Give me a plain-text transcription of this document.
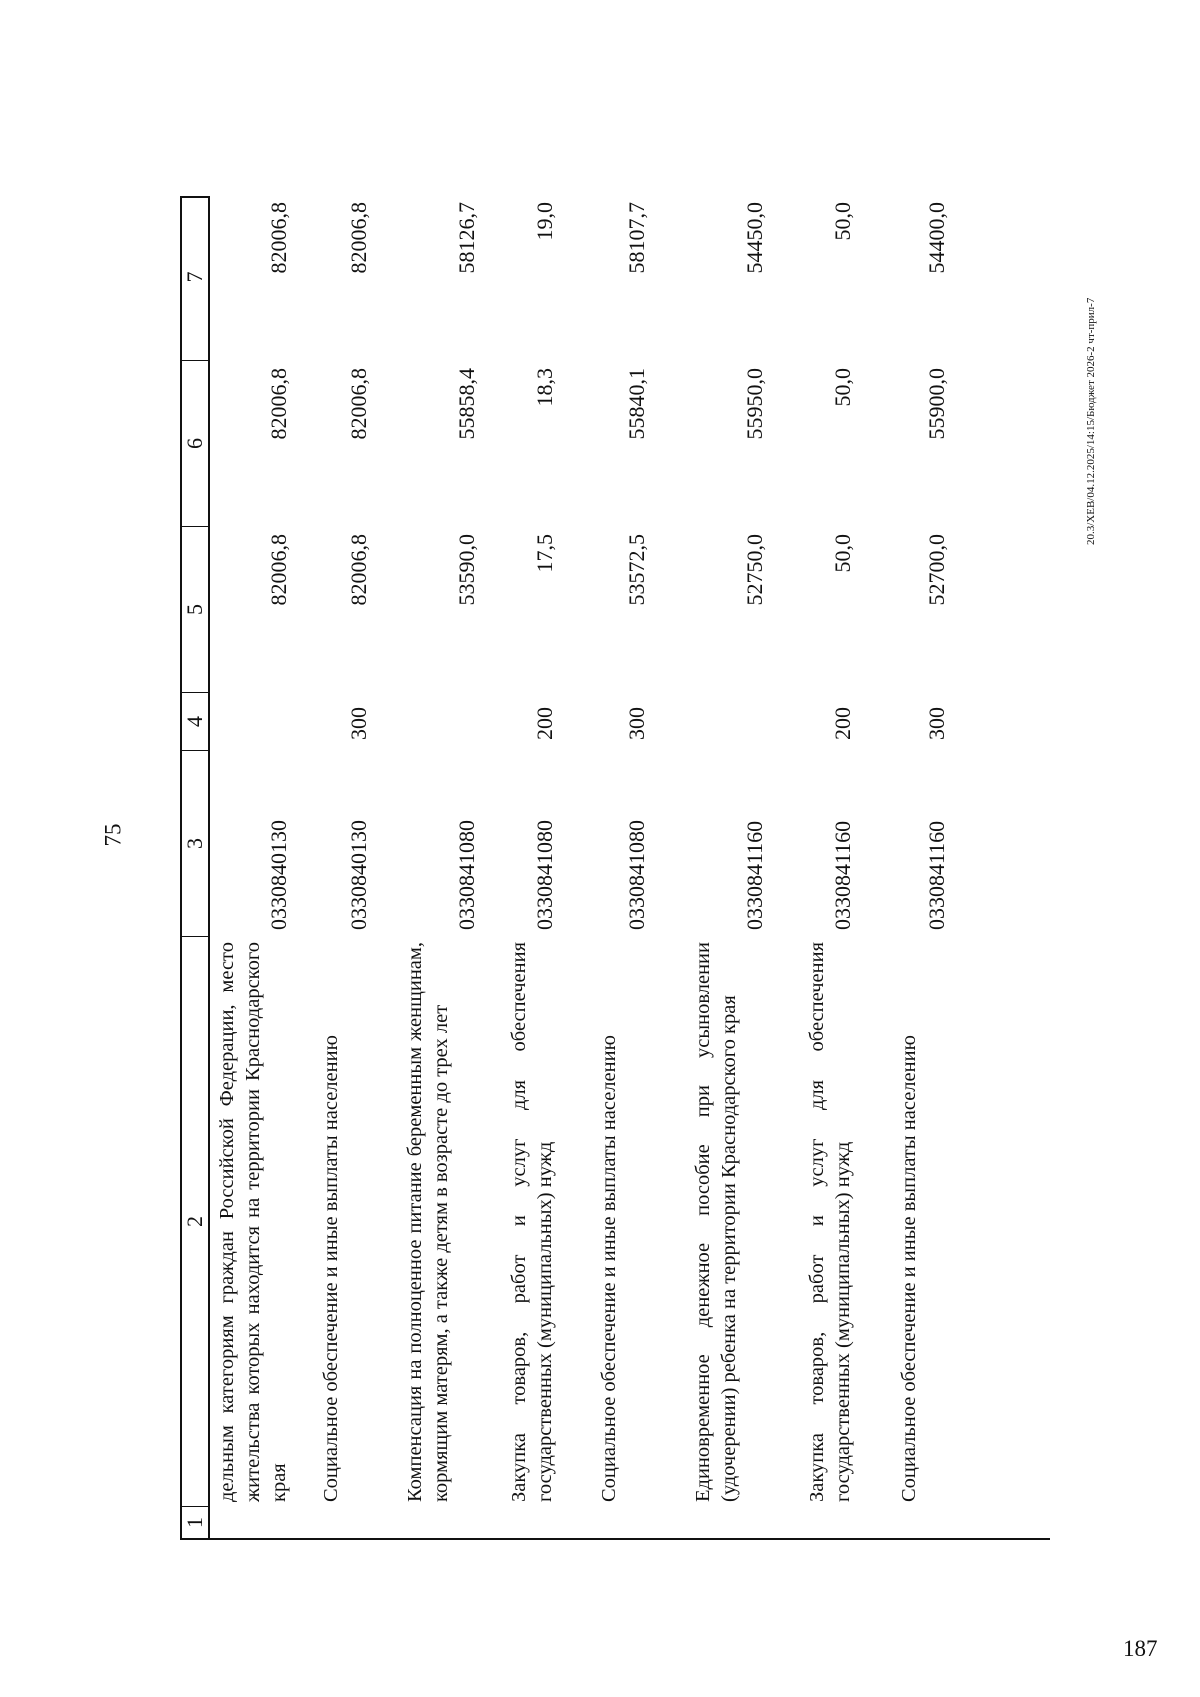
75
187
20.3/ХЕВ/04.12.2025/14:15/Бюджет 2026-2 чт-прил-7
1
2
3
4
5
6
7
дельным категориям граждан Российской Федерации, место жительства которых находится на территории Краснодарского края
0330840130
82006,8
82006,8
82006,8
Социальное обеспечение и иные выплаты населению
0330840130
300
82006,8
82006,8
82006,8
Компенсация на полноценное питание беременным женщинам, кормящим матерям, а также детям в возрасте до трех лет
0330841080
53590,0
55858,4
58126,7
Закупка товаров, работ и услуг для обеспечения государственных (муниципальных) нужд
0330841080
200
17,5
18,3
19,0
Социальное обеспечение и иные выплаты населению
0330841080
300
53572,5
55840,1
58107,7
Единовременное денежное пособие при усыновлении (удочерении) ребенка на территории Краснодарского края
0330841160
52750,0
55950,0
54450,0
Закупка товаров, работ и услуг для обеспечения государственных (муниципальных) нужд
0330841160
200
50,0
50,0
50,0
Социальное обеспечение и иные выплаты населению
0330841160
300
52700,0
55900,0
54400,0
